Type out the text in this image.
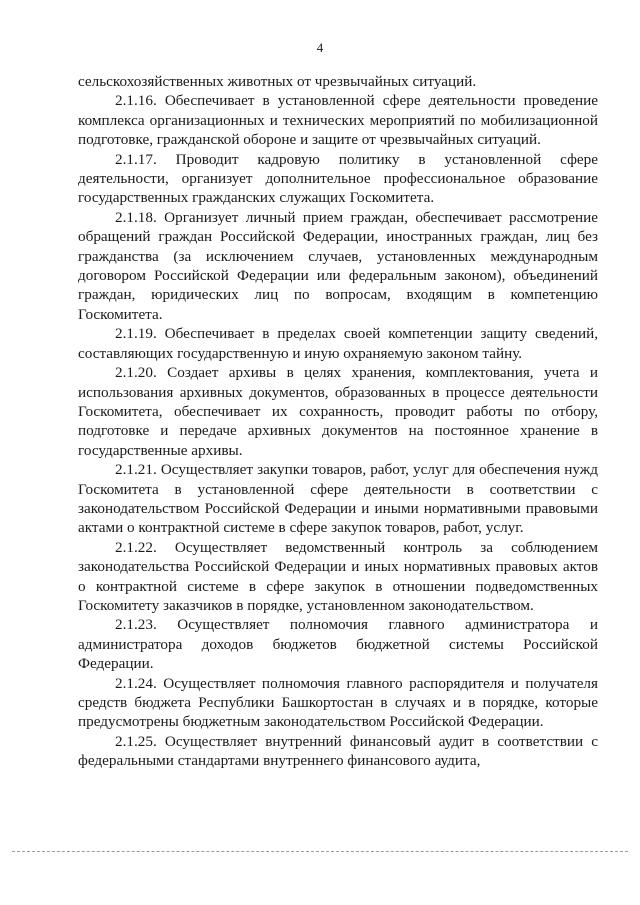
4

сельскохозяйственных животных от чрезвычайных ситуаций.

2.1.16. Обеспечивает в установленной сфере деятельности проведение комплекса организационных и технических мероприятий по мобилизационной подготовке, гражданской обороне и защите от чрезвычайных ситуаций.

2.1.17. Проводит кадровую политику в установленной сфере деятельности, организует дополнительное профессиональное образование государственных гражданских служащих Госкомитета.

2.1.18. Организует личный прием граждан, обеспечивает рассмотрение обращений граждан Российской Федерации, иностранных граждан, лиц без гражданства (за исключением случаев, установленных международным договором Российской Федерации или федеральным законом), объединений граждан, юридических лиц по вопросам, входящим в компетенцию Госкомитета.

2.1.19. Обеспечивает в пределах своей компетенции защиту сведений, составляющих государственную и иную охраняемую законом тайну.

2.1.20. Создает архивы в целях хранения, комплектования, учета и использования архивных документов, образованных в процессе деятельности Госкомитета, обеспечивает их сохранность, проводит работы по отбору, подготовке и передаче архивных документов на постоянное хранение в государственные архивы.

2.1.21. Осуществляет закупки товаров, работ, услуг для обеспечения нужд Госкомитета в установленной сфере деятельности в соответствии с законодательством Российской Федерации и иными нормативными правовыми актами о контрактной системе в сфере закупок товаров, работ, услуг.

2.1.22. Осуществляет ведомственный контроль за соблюдением законодательства Российской Федерации и иных нормативных правовых актов о контрактной системе в сфере закупок в отношении подведомственных Госкомитету заказчиков в порядке, установленном законодательством.

2.1.23. Осуществляет полномочия главного администратора и администратора доходов бюджетов бюджетной системы Российской Федерации.

2.1.24. Осуществляет полномочия главного распорядителя и получателя средств бюджета Республики Башкортостан в случаях и в порядке, которые предусмотрены бюджетным законодательством Российской Федерации.

2.1.25. Осуществляет внутренний финансовый аудит в соответствии с федеральными стандартами внутреннего финансового аудита,
